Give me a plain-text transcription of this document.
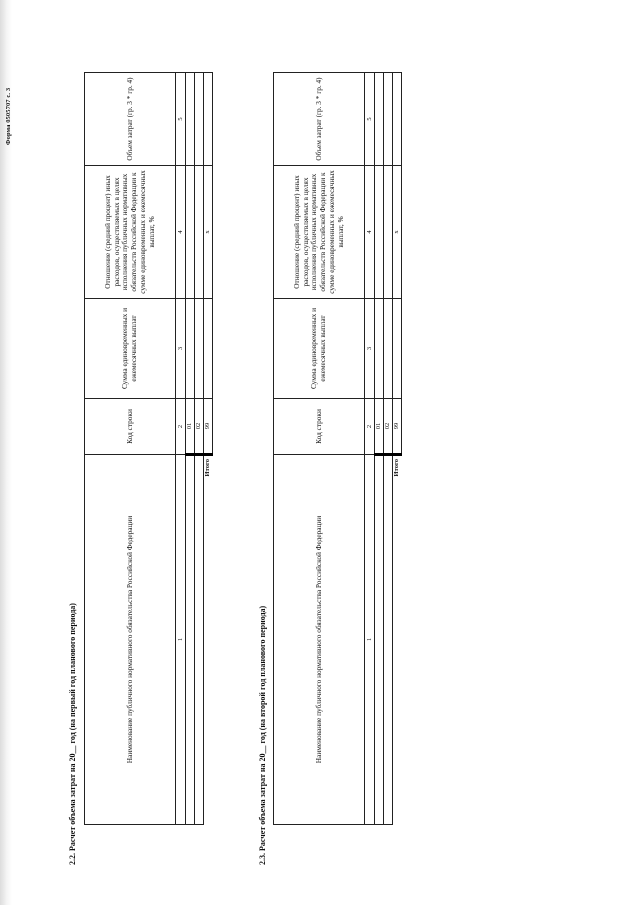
Форма 0505707 с. 3
2.2. Расчет объема затрат на 20__ год (на первый год планового периода)	Наименование публичного нормативного обязательства Российской Федерации	Код строки	Сумма единовременных и ежемесячных выплат	Отношение (средний процент) иных расходов, осуществляемых в целях исполнения публичных нормативных обязательств Российской Федерации к сумме единовременных и ежемесячных выплат, %	Объем затрат (гр. 3 * гр. 4)
1	2	3	4	5
	01			
	02			
Итого	99		x	
2.3. Расчет объема затрат на 20__ год (на второй год планового периода)	Наименование публичного нормативного обязательства Российской Федерации	Код строки	Сумма единовременных и ежемесячных выплат	Отношение (средний процент) иных расходов, осуществляемых в целях исполнения публичных нормативных обязательств Российской Федерации к сумме единовременных и ежемесячных выплат, %	Объем затрат (гр. 3 * гр. 4)
1	2	3	4	5
	01			
	02			
Итого	99		x	
